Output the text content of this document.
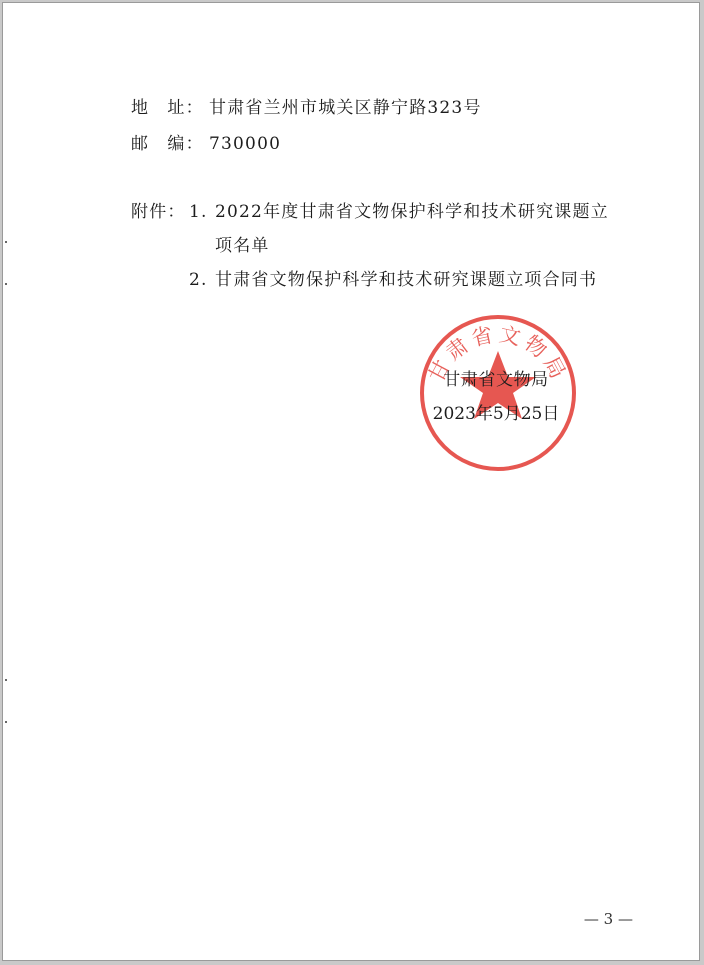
地　址： 甘肃省兰州市城关区静宁路323号
邮　编： 730000
附件： 1. 2022年度甘肃省文物保护科学和技术研究课题立
项名单
2. 甘肃省文物保护科学和技术研究课题立项合同书
甘肃省文物局
甘肃省文物局
2023年5月25日
— 3 —
